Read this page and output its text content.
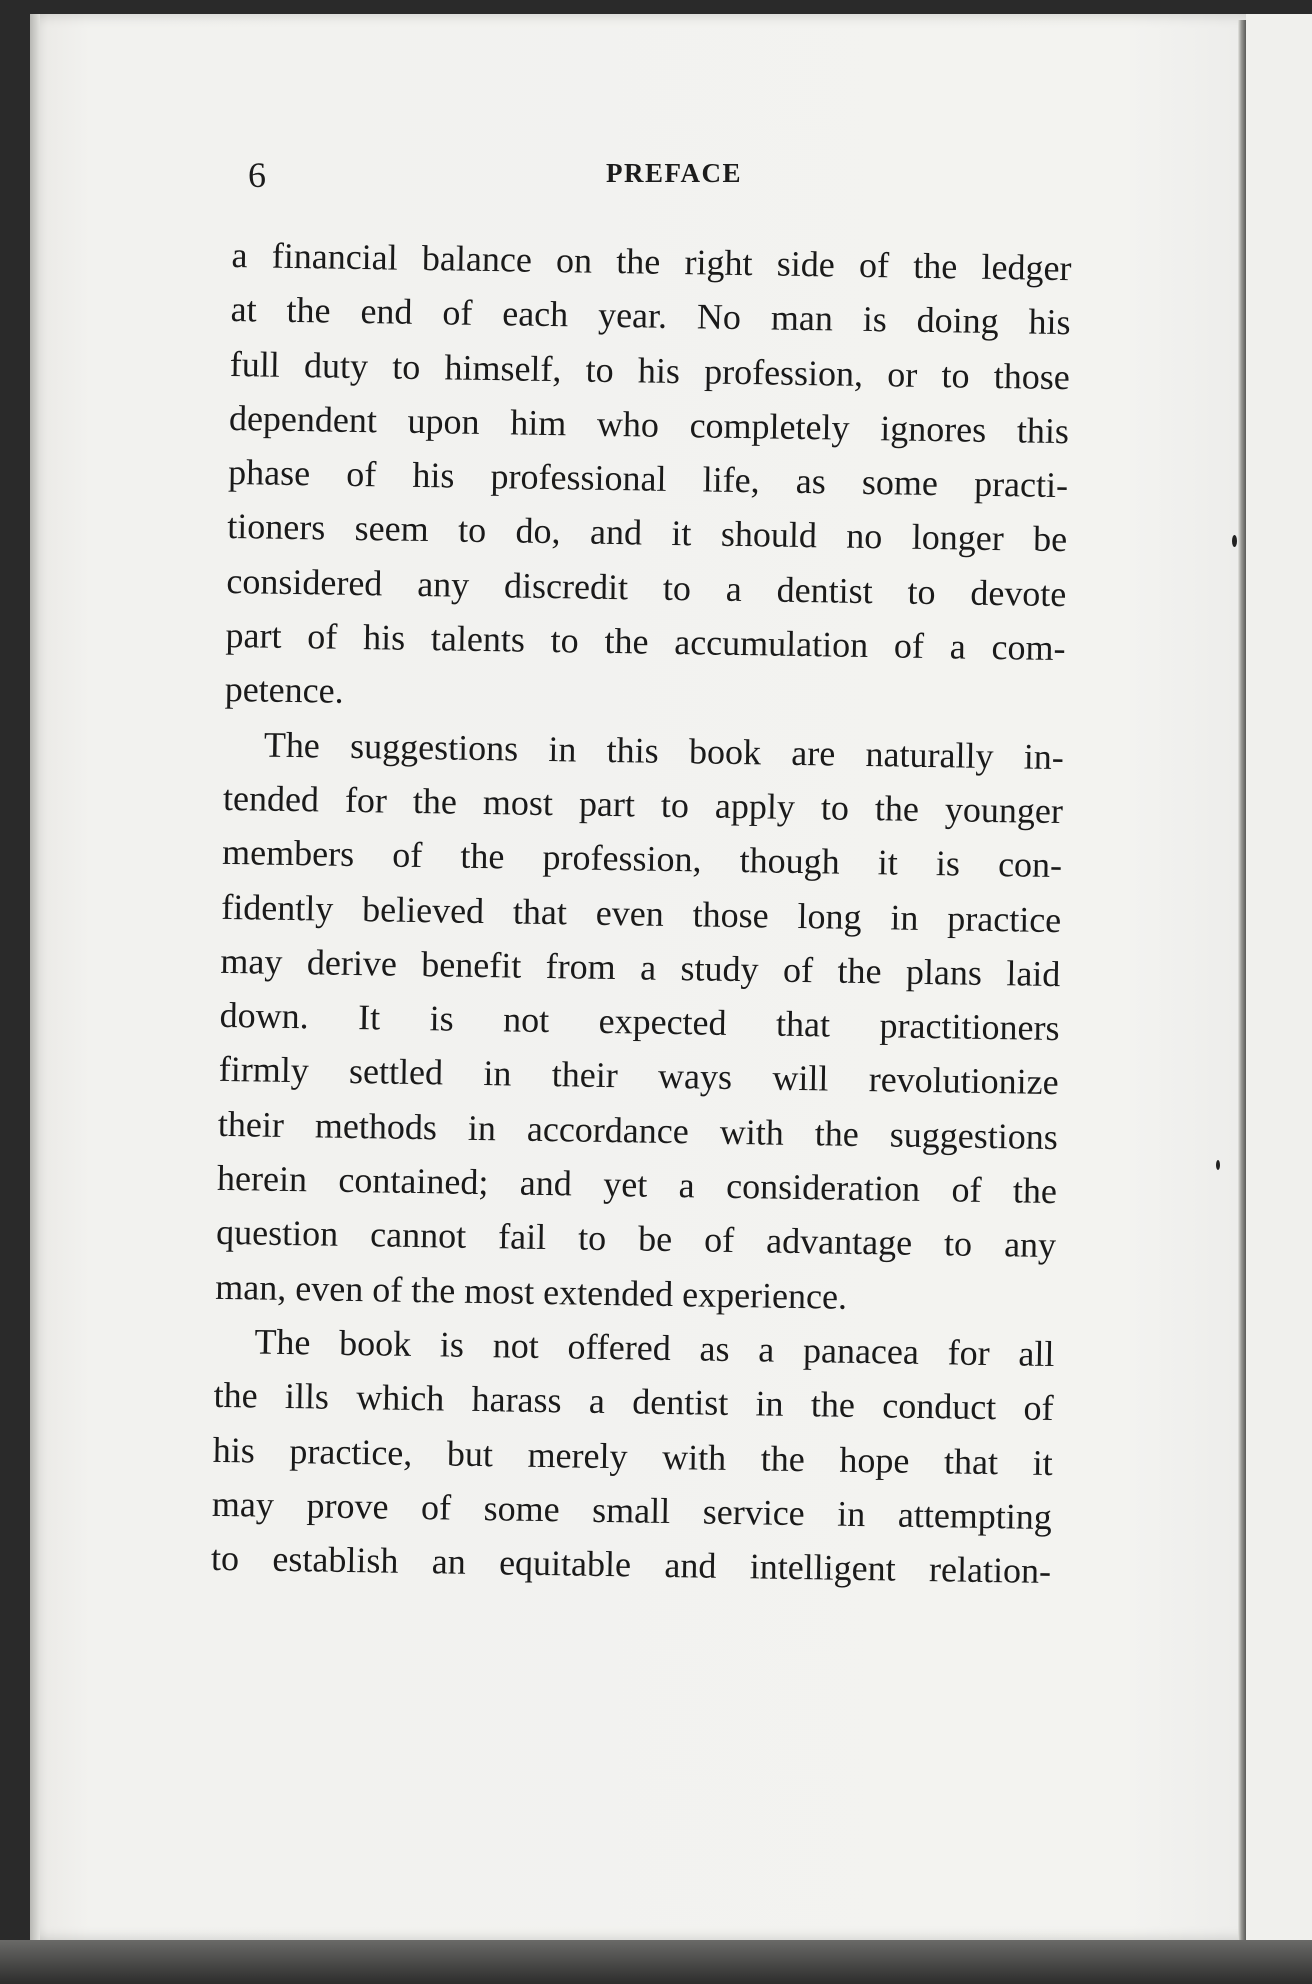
6	PREFACE
a financial balance on the right side of the ledger
at the end of each year. No man is doing his
full duty to himself, to his profession, or to those
dependent upon him who completely ignores this
phase of his professional life, as some practi-
tioners seem to do, and it should no longer be
considered any discredit to a dentist to devote
part of his talents to the accumulation of a com-
petence.
The suggestions in this book are naturally in-
tended for the most part to apply to the younger
members of the profession, though it is con-
fidently believed that even those long in practice
may derive benefit from a study of the plans laid
down. It is not expected that practitioners
firmly settled in their ways will revolutionize
their methods in accordance with the suggestions
herein contained; and yet a consideration of the
question cannot fail to be of advantage to any
man, even of the most extended experience.
The book is not offered as a panacea for all
the ills which harass a dentist in the conduct of
his practice, but merely with the hope that it
may prove of some small service in attempting
to establish an equitable and intelligent relation-
